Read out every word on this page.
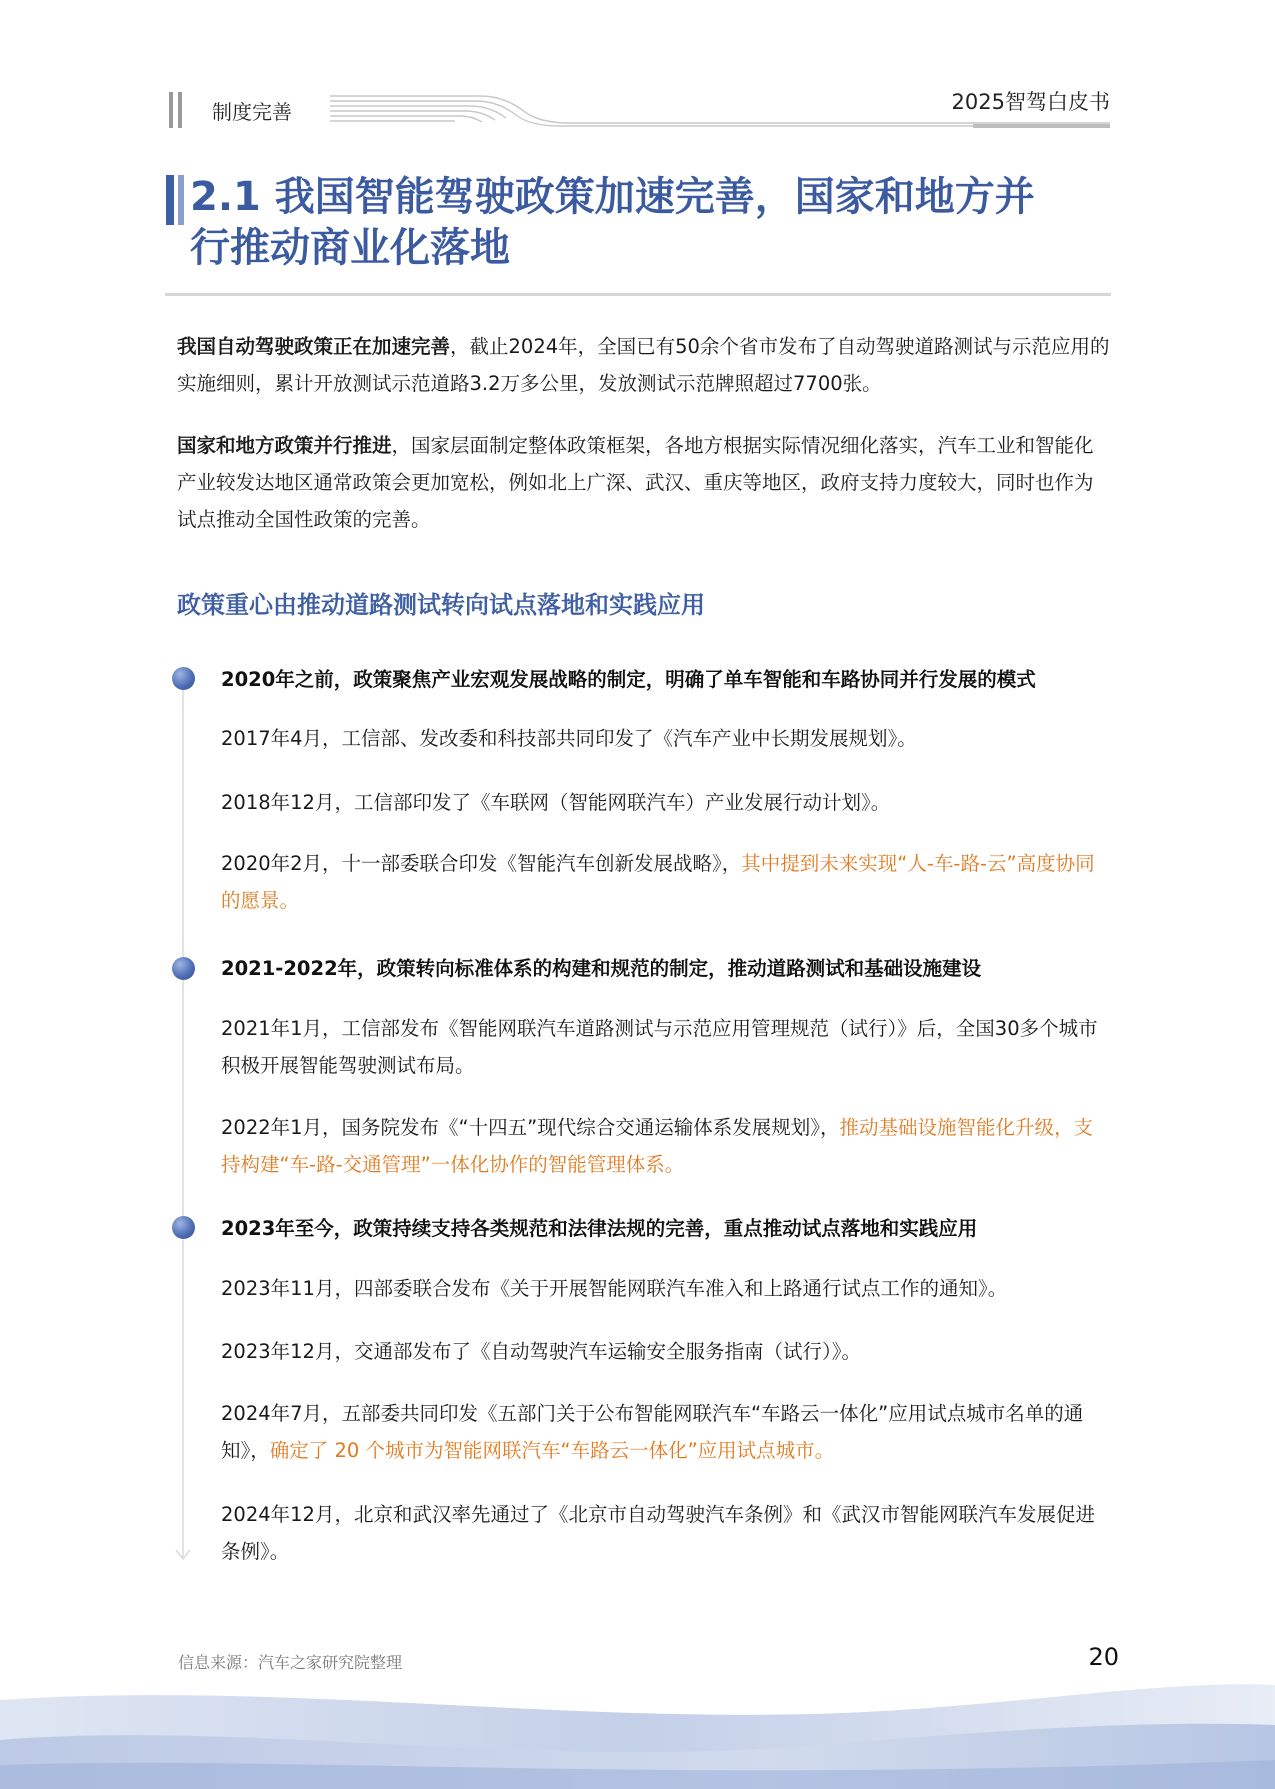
制度完善	2025智驾白皮书
2.1 我国智能驾驶政策加速完善，国家和地方并
行推动商业化落地

我国自动驾驶政策正在加速完善，截止2024年，全国已有50余个省市发布了自动驾驶道路测试与示范应用的实施细则，累计开放测试示范道路3.2万多公里，发放测试示范牌照超过7700张。

国家和地方政策并行推进，国家层面制定整体政策框架，各地方根据实际情况细化落实，汽车工业和智能化产业较发达地区通常政策会更加宽松，例如北上广深、武汉、重庆等地区，政府支持力度较大，同时也作为试点推动全国性政策的完善。

政策重心由推动道路测试转向试点落地和实践应用
2020年之前，政策聚焦产业宏观发展战略的制定，明确了单车智能和车路协同并行发展的模式

2017年4月，工信部、发改委和科技部共同印发了《汽车产业中长期发展规划》。

2018年12月，工信部印发了《车联网（智能网联汽车）产业发展行动计划》。

2020年2月，十一部委联合印发《智能汽车创新发展战略》，其中提到未来实现“人-车-路-云”高度协同的愿景。

2021-2022年，政策转向标准体系的构建和规范的制定，推动道路测试和基础设施建设

2021年1月，工信部发布《智能网联汽车道路测试与示范应用管理规范（试行）》后，全国30多个城市积极开展智能驾驶测试布局。

2022年1月，国务院发布《“十四五”现代综合交通运输体系发展规划》，推动基础设施智能化升级，支持构建“车-路-交通管理”一体化协作的智能管理体系。

2023年至今，政策持续支持各类规范和法律法规的完善，重点推动试点落地和实践应用

2023年11月，四部委联合发布《关于开展智能网联汽车准入和上路通行试点工作的通知》。

2023年12月，交通部发布了《自动驾驶汽车运输安全服务指南（试行）》。

2024年7月，五部委共同印发《五部门关于公布智能网联汽车“车路云一体化”应用试点城市名单的通知》，确定了 20 个城市为智能网联汽车“车路云一体化”应用试点城市。

2024年12月，北京和武汉率先通过了《北京市自动驾驶汽车条例》和《武汉市智能网联汽车发展促进条例》。

信息来源：汽车之家研究院整理	20
